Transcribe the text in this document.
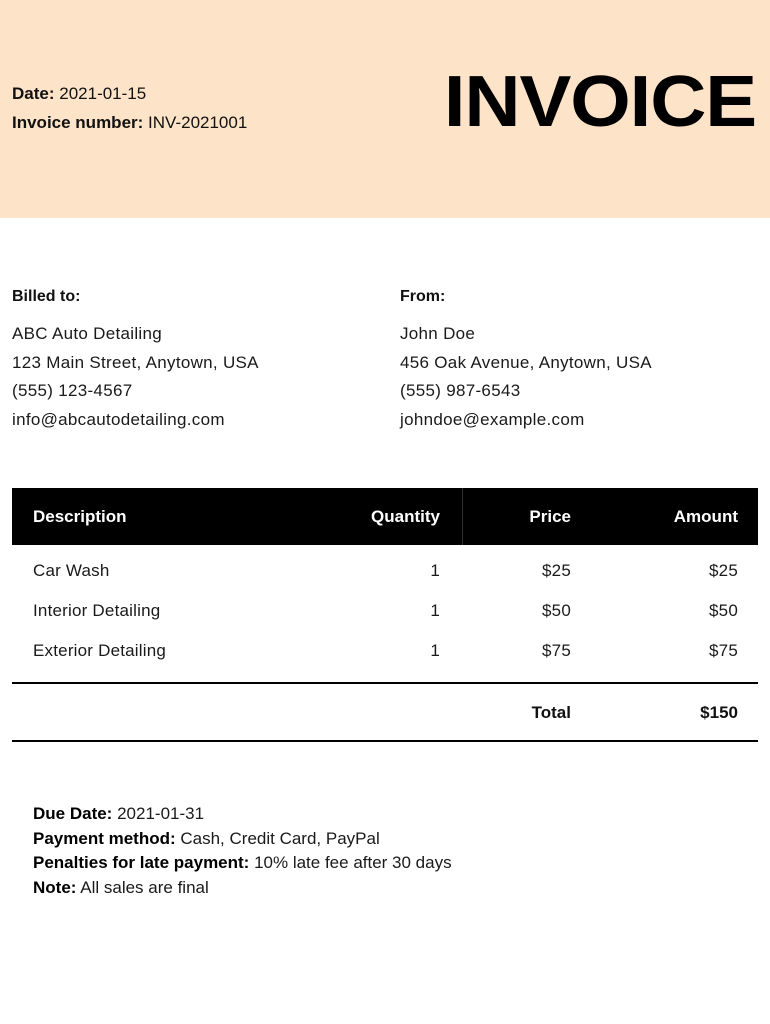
Date: 2021-01-15
Invoice number: INV-2021001	INVOICE
Billed to:
ABC Auto Detailing
123 Main Street, Anytown, USA
(555) 123-4567
info@abcautodetailing.com
From:
John Doe
456 Oak Avenue, Anytown, USA
(555) 987-6543
johndoe@example.com
Description	Quantity	Price	Amount
Car Wash	1	$25	$25
Interior Detailing	1	$50	$50
Exterior Detailing	1	$75	$75
Total	$150
Due Date: 2021-01-31
Payment method: Cash, Credit Card, PayPal
Penalties for late payment: 10% late fee after 30 days
Note: All sales are final
